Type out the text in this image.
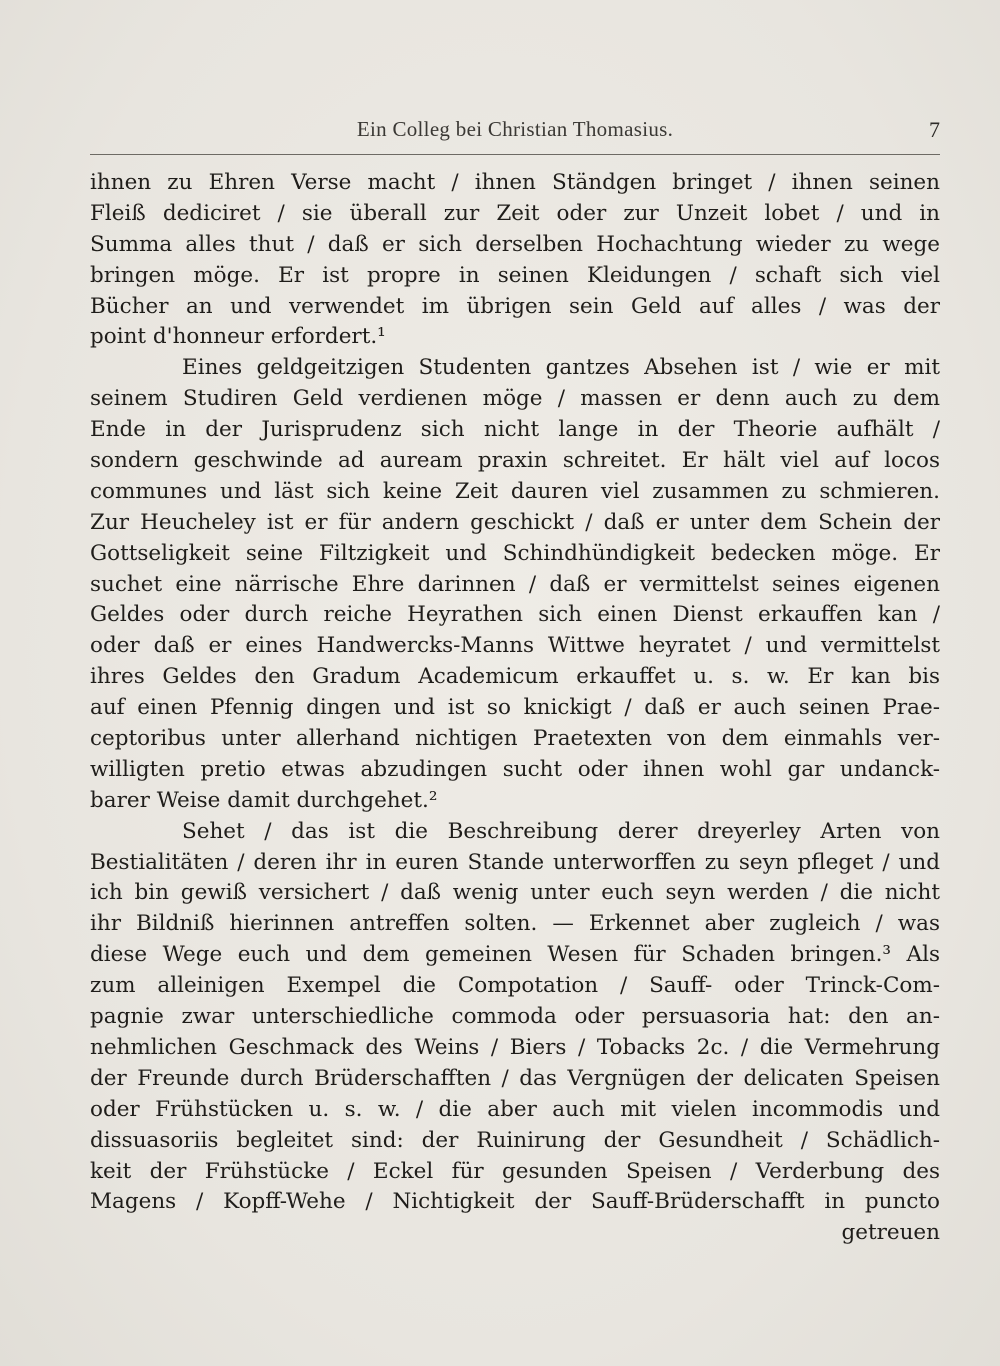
Ein Colleg bei Christian Thomasius.	7
ihnen zu Ehren Verse macht / ihnen Ständgen bringet / ihnen seinen
Fleiß dediciret / sie überall zur Zeit oder zur Unzeit lobet / und in
Summa alles thut / daß er sich derselben Hochachtung wieder zu wege
bringen möge. Er ist propre in seinen Kleidungen / schaft sich viel
Bücher an und verwendet im übrigen sein Geld auf alles / was der
point d'honneur erfordert.¹
Eines geldgeitzigen Studenten gantzes Absehen ist / wie er mit
seinem Studiren Geld verdienen möge / massen er denn auch zu dem
Ende in der Jurisprudenz sich nicht lange in der Theorie aufhält /
sondern geschwinde ad auream praxin schreitet. Er hält viel auf locos
communes und läst sich keine Zeit dauren viel zusammen zu schmieren.
Zur Heucheley ist er für andern geschickt / daß er unter dem Schein der
Gottseligkeit seine Filtzigkeit und Schindhündigkeit bedecken möge. Er
suchet eine närrische Ehre darinnen / daß er vermittelst seines eigenen
Geldes oder durch reiche Heyrathen sich einen Dienst erkauffen kan /
oder daß er eines Handwercks-Manns Wittwe heyratet / und vermittelst
ihres Geldes den Gradum Academicum erkauffet u. s. w. Er kan bis
auf einen Pfennig dingen und ist so knickigt / daß er auch seinen Prae-
ceptoribus unter allerhand nichtigen Praetexten von dem einmahls ver-
willigten pretio etwas abzudingen sucht oder ihnen wohl gar undanck-
barer Weise damit durchgehet.²
Sehet / das ist die Beschreibung derer dreyerley Arten von
Bestialitäten / deren ihr in euren Stande unterworffen zu seyn pfleget / und
ich bin gewiß versichert / daß wenig unter euch seyn werden / die nicht
ihr Bildniß hierinnen antreffen solten. — Erkennet aber zugleich / was
diese Wege euch und dem gemeinen Wesen für Schaden bringen.³ Als
zum alleinigen Exempel die Compotation / Sauff- oder Trinck-Com-
pagnie zwar unterschiedliche commoda oder persuasoria hat: den an-
nehmlichen Geschmack des Weins / Biers / Tobacks 2c. / die Vermehrung
der Freunde durch Brüderschafften / das Vergnügen der delicaten Speisen
oder Frühstücken u. s. w. / die aber auch mit vielen incommodis und
dissuasoriis begleitet sind: der Ruinirung der Gesundheit / Schädlich-
keit der Frühstücke / Eckel für gesunden Speisen / Verderbung des
Magens / Kopff-Wehe / Nichtigkeit der Sauff-Brüderschafft in puncto
getreuen
